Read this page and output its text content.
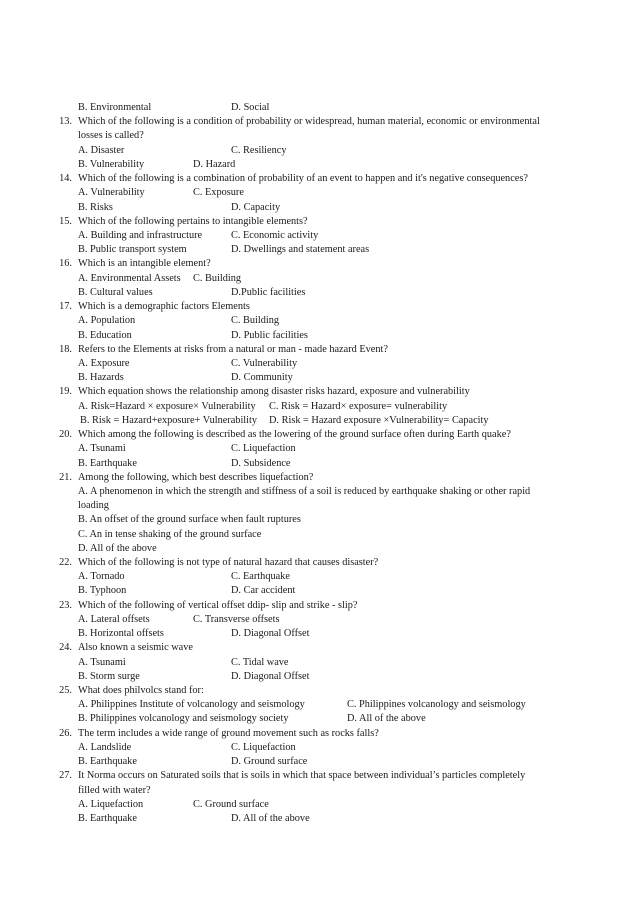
B. Environmental	D. Social
13. Which of the following is a condition of probability or widespread, human material, economic or environmental
losses is called?
A. Disaster	C. Resiliency
B. Vulnerability	D. Hazard
14. Which of the following is a combination of probability of an event to happen and it's negative consequences?
A. Vulnerability	C. Exposure
B. Risks	D. Capacity
15. Which of the following pertains to intangible elements?
A. Building and infrastructure	C. Economic activity
B. Public transport system	D. Dwellings and statement areas
16. Which is an intangible element?
A. Environmental Assets C. Building
B. Cultural values	D.Public facilities
17. Which is a demographic factors Elements
A. Population	C. Building
B. Education	D. Public facilities
18. Refers to the Elements at risks from a natural or man - made hazard Event?
A. Exposure	C. Vulnerability
B. Hazards	D. Community
19. Which equation shows the relationship among disaster risks hazard, exposure and vulnerability
A. Risk=Hazard × exposure× Vulnerability C. Risk = Hazard× exposure= vulnerability
B. Risk = Hazard+exposure+ Vulnerability D. Risk = Hazard exposure ×Vulnerability= Capacity
20. Which among the following is described as the lowering of the ground surface often during Earth quake?
A. Tsunami	C. Liquefaction
B. Earthquake	D. Subsidence
21. Among the following, which best describes liquefaction?
A. A phenomenon in which the strength and stiffness of a soil is reduced by earthquake shaking or other rapid
loading
B. An offset of the ground surface when fault ruptures
C. An in tense shaking of the ground surface
D. All of the above
22. Which of the following is not type of natural hazard that causes disaster?
A. Tornado	C. Earthquake
B. Typhoon	D. Car accident
23. Which of the following of vertical offset ddip- slip and strike - slip?
A. Lateral offsets	C. Transverse offsets
B. Horizontal offsets	D. Diagonal Offset
24. Also known a seismic wave
A. Tsunami	C. Tidal wave
B. Storm surge	D. Diagonal Offset
25. What does philvolcs stand for:
A. Philippines Institute of volcanology and seismology	C. Philippines volcanology and seismology
B. Philippines volcanology and seismology society	D. All of the above
26. The term includes a wide range of ground movement such as rocks falls?
A. Landslide	C. Liquefaction
B. Earthquake	D. Ground surface
27. It Norma occurs on Saturated soils that is soils in which that space between individual’s particles completely
filled with water?
A. Liquefaction	C. Ground surface
B. Earthquake	D. All of the above
